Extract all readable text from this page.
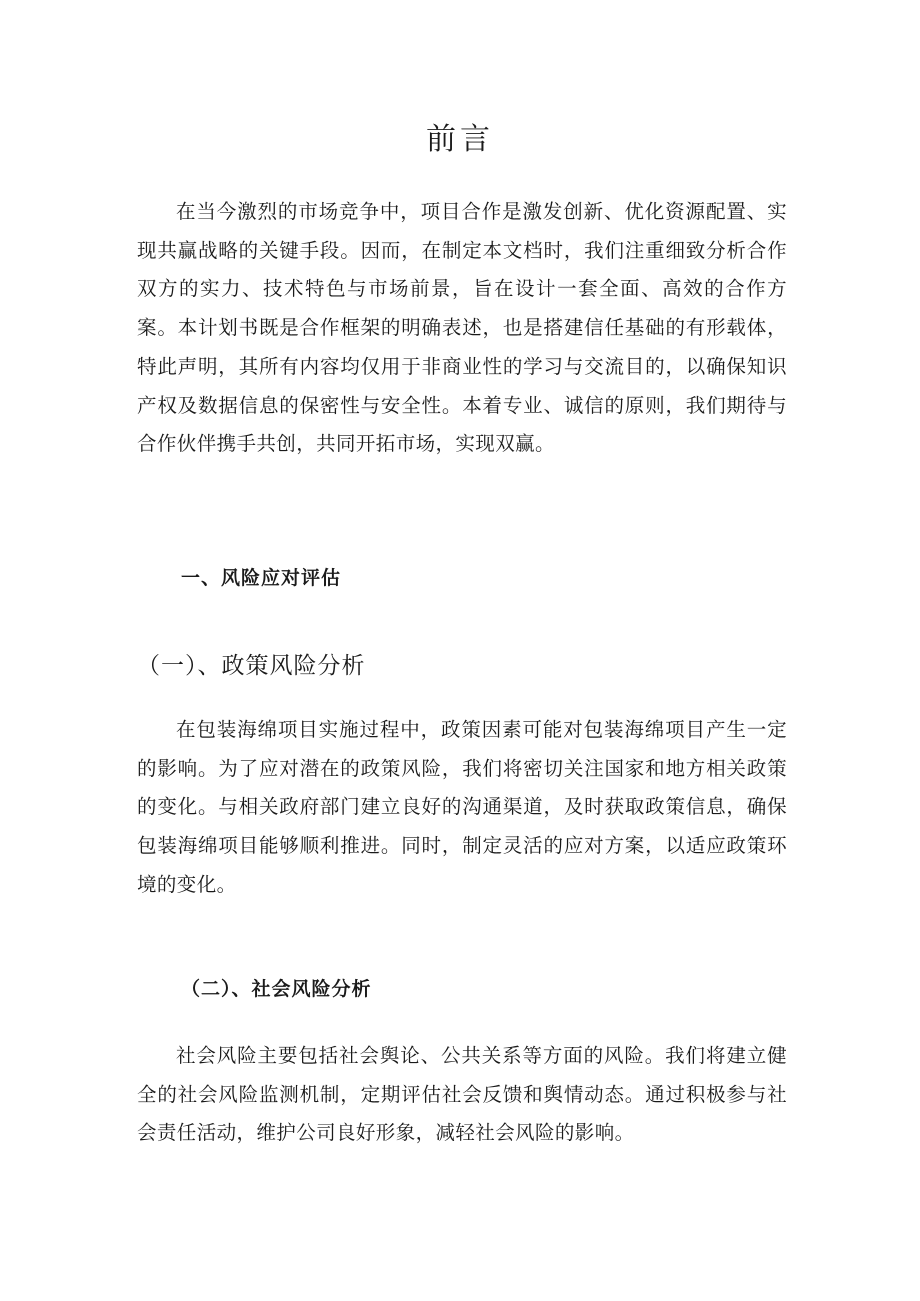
前言

在当今激烈的市场竞争中，项目合作是激发创新、优化资源配置、实现共赢战略的关键手段。因而，在制定本文档时，我们注重细致分析合作双方的实力、技术特色与市场前景，旨在设计一套全面、高效的合作方案。本计划书既是合作框架的明确表述，也是搭建信任基础的有形载体，特此声明，其所有内容均仅用于非商业性的学习与交流目的，以确保知识产权及数据信息的保密性与安全性。本着专业、诚信的原则，我们期待与合作伙伴携手共创，共同开拓市场，实现双赢。

一、风险应对评估
（一）、政策风险分析

在包装海绵项目实施过程中，政策因素可能对包装海绵项目产生一定的影响。为了应对潜在的政策风险，我们将密切关注国家和地方相关政策的变化。与相关政府部门建立良好的沟通渠道，及时获取政策信息，确保包装海绵项目能够顺利推进。同时，制定灵活的应对方案，以适应政策环境的变化。

（二）、社会风险分析

社会风险主要包括社会舆论、公共关系等方面的风险。我们将建立健全的社会风险监测机制，定期评估社会反馈和舆情动态。通过积极参与社会责任活动，维护公司良好形象，减轻社会风险的影响。
